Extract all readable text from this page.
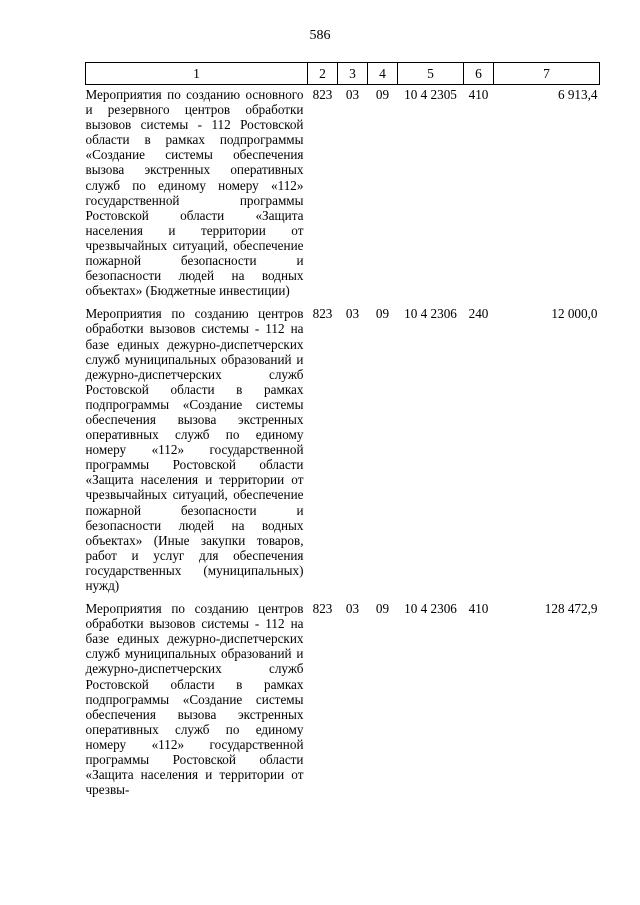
586
1	2	3	4	5	6	7
Мероприятия по созданию основного и резервного центров обработки вызовов системы - 112 Ростовской области в рамках подпрограммы «Создание системы обеспечения вызова экстренных оперативных служб по единому номеру «112» государственной программы Ростовской области «Защита населения и территории от чрезвычайных ситуаций, обеспечение пожарной безопасности и безопасности людей на водных объектах» (Бюджетные инвестиции)	823	03	09	10 4 2305	410	6 913,4
Мероприятия по созданию центров обработки вызовов системы - 112 на базе единых дежурно-диспетчерских служб муниципальных образований и дежурно-диспетчерских служб Ростовской области в рамках подпрограммы «Создание системы обеспечения вызова экстренных оперативных служб по единому номеру «112» государственной программы Ростовской области «Защита населения и территории от чрезвычайных ситуаций, обеспечение пожарной безопасности и безопасности людей на водных объектах» (Иные закупки товаров, работ и услуг для обеспечения государственных (муниципальных) нужд)	823	03	09	10 4 2306	240	12 000,0
Мероприятия по созданию центров обработки вызовов системы - 112 на базе единых дежурно-диспетчерских служб муниципальных образований и дежурно-диспетчерских служб Ростовской области в рамках подпрограммы «Создание системы обеспечения вызова экстренных оперативных служб по единому номеру «112» государственной программы Ростовской области «Защита населения и территории от чрезвы-	823	03	09	10 4 2306	410	128 472,9
